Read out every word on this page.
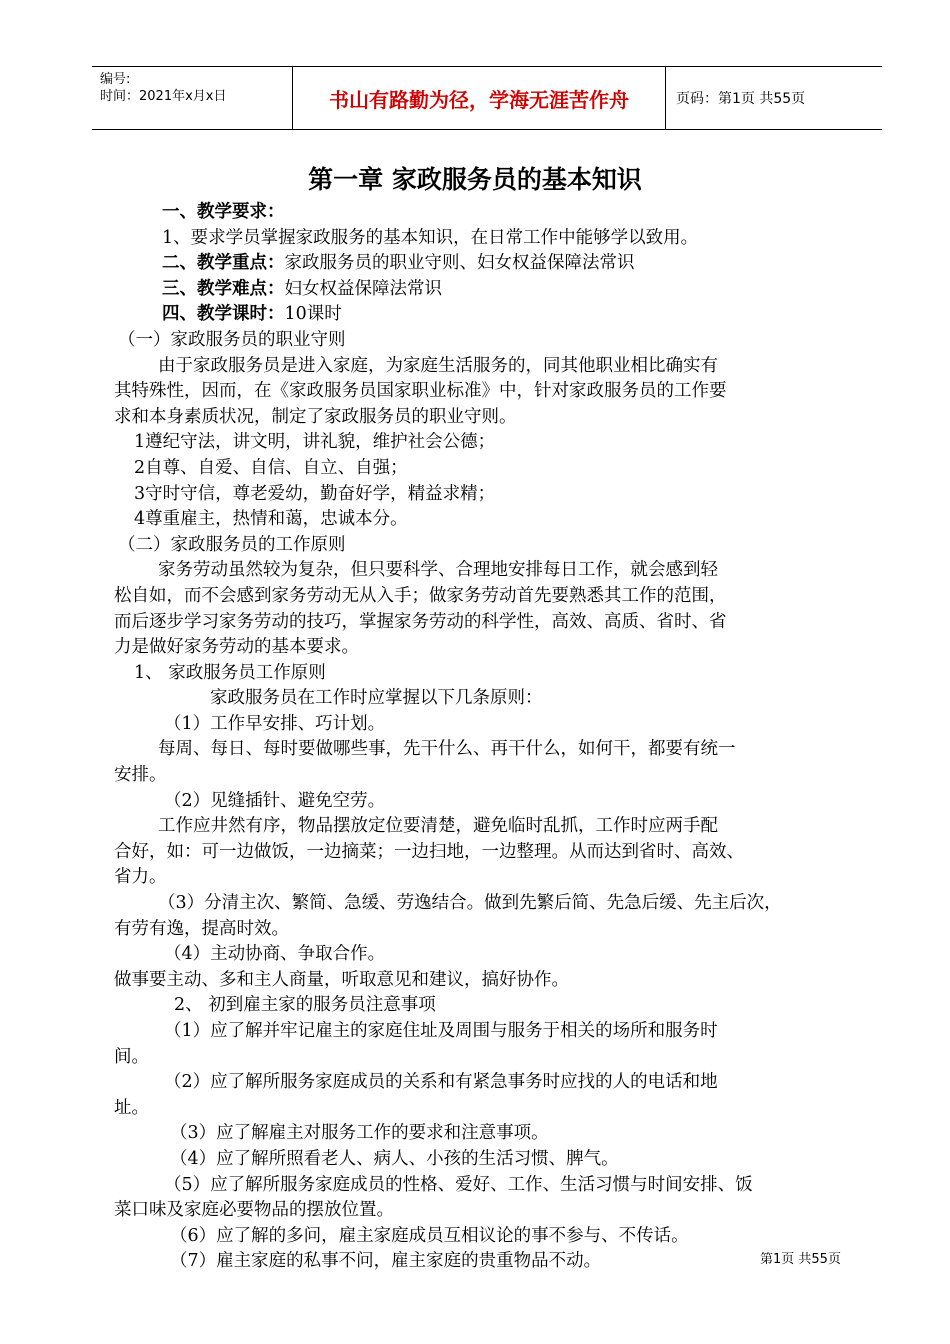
编号:
时间：2021年x月x日	书山有路勤为径，学海无涯苦作舟	页码：第1页 共55页
第一章 家政服务员的基本知识

一、教学要求：

1、要求学员掌握家政服务的基本知识，在日常工作中能够学以致用。

二、教学重点：家政服务员的职业守则、妇女权益保障法常识

三、教学难点：妇女权益保障法常识

四、教学课时：10课时

（一）家政服务员的职业守则

由于家政服务员是进入家庭，为家庭生活服务的，同其他职业相比确实有

其特殊性，因而，在《家政服务员国家职业标准》中，针对家政服务员的工作要

求和本身素质状况，制定了家政服务员的职业守则。

1遵纪守法，讲文明，讲礼貌，维护社会公德；

2自尊、自爱、自信、自立、自强；

3守时守信，尊老爱幼，勤奋好学，精益求精；

4尊重雇主，热情和蔼，忠诚本分。

（二）家政服务员的工作原则

家务劳动虽然较为复杂，但只要科学、合理地安排每日工作，就会感到轻

松自如，而不会感到家务劳动无从入手；做家务劳动首先要熟悉其工作的范围，

而后逐步学习家务劳动的技巧，掌握家务劳动的科学性，高效、高质、省时、省

力是做好家务劳动的基本要求。

1、 家政服务员工作原则

家政服务员在工作时应掌握以下几条原则：

（1）工作早安排、巧计划。

每周、每日、每时要做哪些事，先干什么、再干什么，如何干，都要有统一

安排。

（2）见缝插针、避免空劳。

工作应井然有序，物品摆放定位要清楚，避免临时乱抓，工作时应两手配

合好，如：可一边做饭，一边摘菜；一边扫地，一边整理。从而达到省时、高效、

省力。

（3）分清主次、繁简、急缓、劳逸结合。做到先繁后简、先急后缓、先主后次，

有劳有逸，提高时效。

（4）主动协商、争取合作。

做事要主动、多和主人商量，听取意见和建议，搞好协作。

2、 初到雇主家的服务员注意事项

（1）应了解并牢记雇主的家庭住址及周围与服务于相关的场所和服务时

间。

（2）应了解所服务家庭成员的关系和有紧急事务时应找的人的电话和地

址。

（3）应了解雇主对服务工作的要求和注意事项。

（4）应了解所照看老人、病人、小孩的生活习惯、脾气。

（5）应了解所服务家庭成员的性格、爱好、工作、生活习惯与时间安排、饭

菜口味及家庭必要物品的摆放位置。

（6）应了解的多问，雇主家庭成员互相议论的事不参与、不传话。

（7）雇主家庭的私事不问，雇主家庭的贵重物品不动。	第1页 共55页
